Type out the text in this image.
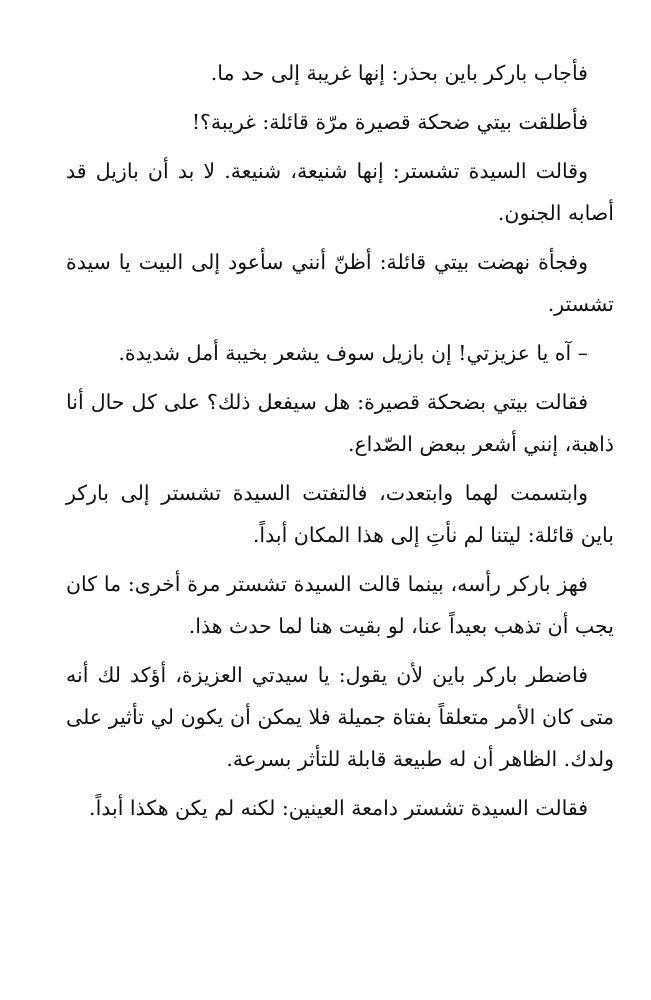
فأجاب باركر باين بحذر: إنها غريبة إلى حد ما.

فأطلقت بيتي ضحكة قصيرة مرّة قائلة: غريبة؟!

وقالت السيدة تشستر: إنها شنيعة، شنيعة. لا بد أن بازيل قد أصابه الجنون.

وفجأة نهضت بيتي قائلة: أظنّ أنني سأعود إلى البيت يا سيدة تشستر.

– آه يا عزيزتي! إن بازيل سوف يشعر بخيبة أمل شديدة.

فقالت بيتي بضحكة قصيرة: هل سيفعل ذلك؟ على كل حال أنا ذاهبة، إنني أشعر ببعض الصّداع.

وابتسمت لهما وابتعدت، فالتفتت السيدة تشستر إلى باركر باين قائلة: ليتنا لم نأتِ إلى هذا المكان أبداً.

فهز باركر رأسه، بينما قالت السيدة تشستر مرة أخرى: ما كان يجب أن تذهب بعيداً عنا، لو بقيت هنا لما حدث هذا.

فاضطر باركر باين لأن يقول: يا سيدتي العزيزة، أؤكد لك أنه متى كان الأمر متعلقاً بفتاة جميلة فلا يمكن أن يكون لي تأثير على ولدك. الظاهر أن له طبيعة قابلة للتأثر بسرعة.

فقالت السيدة تشستر دامعة العينين: لكنه لم يكن هكذا أبداً.
